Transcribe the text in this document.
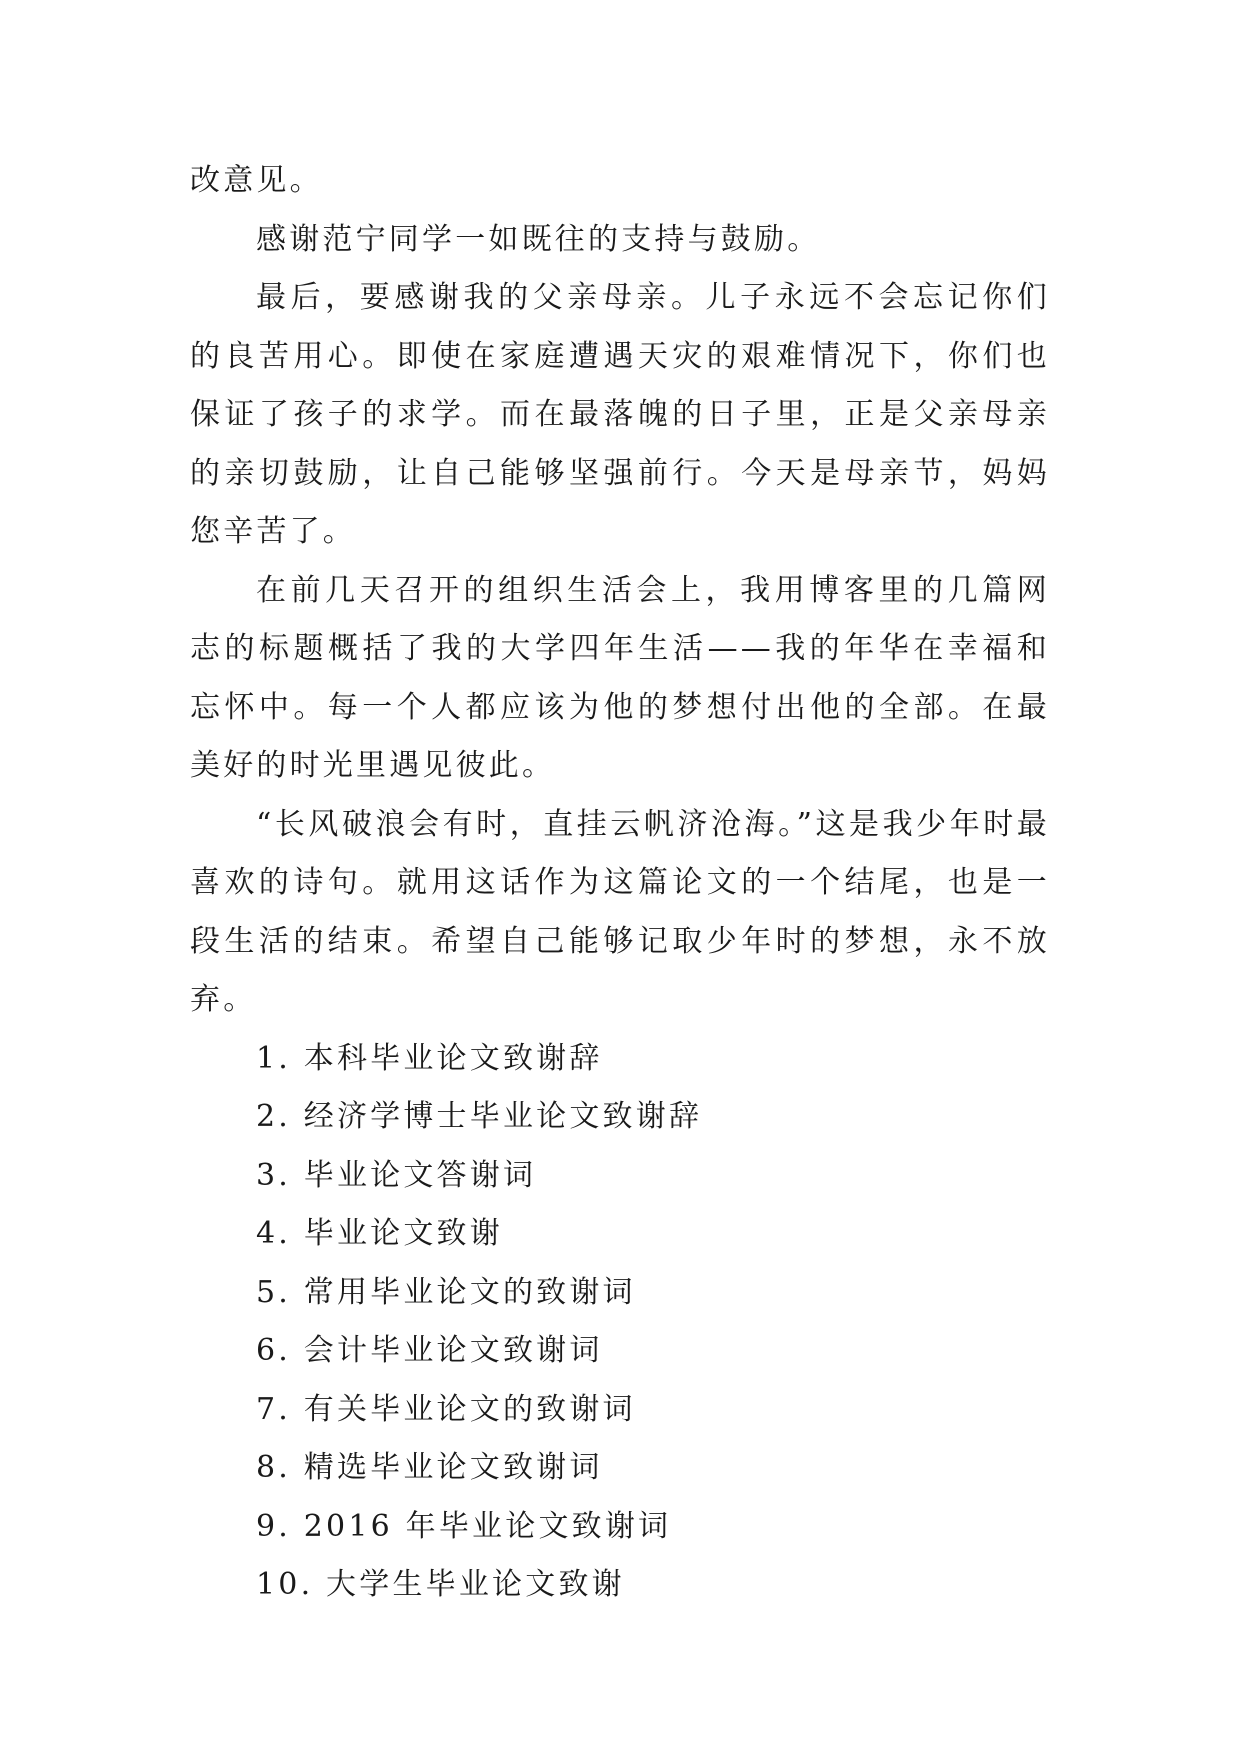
改意见。

感谢范宁同学一如既往的支持与鼓励。

最后，要感谢我的父亲母亲。儿子永远不会忘记你们的良苦用心。即使在家庭遭遇天灾的艰难情况下，你们也保证了孩子的求学。而在最落魄的日子里，正是父亲母亲的亲切鼓励，让自己能够坚强前行。今天是母亲节，妈妈您辛苦了。

在前几天召开的组织生活会上，我用博客里的几篇网志的标题概括了我的大学四年生活——我的年华在幸福和忘怀中。每一个人都应该为他的梦想付出他的全部。在最美好的时光里遇见彼此。

“长风破浪会有时，直挂云帆济沧海。”这是我少年时最喜欢的诗句。就用这话作为这篇论文的一个结尾，也是一段生活的结束。希望自己能够记取少年时的梦想，永不放弃。

1. 本科毕业论文致谢辞
2. 经济学博士毕业论文致谢辞
3. 毕业论文答谢词
4. 毕业论文致谢
5. 常用毕业论文的致谢词
6. 会计毕业论文致谢词
7. 有关毕业论文的致谢词
8. 精选毕业论文致谢词
9. 2016 年毕业论文致谢词
10. 大学生毕业论文致谢
